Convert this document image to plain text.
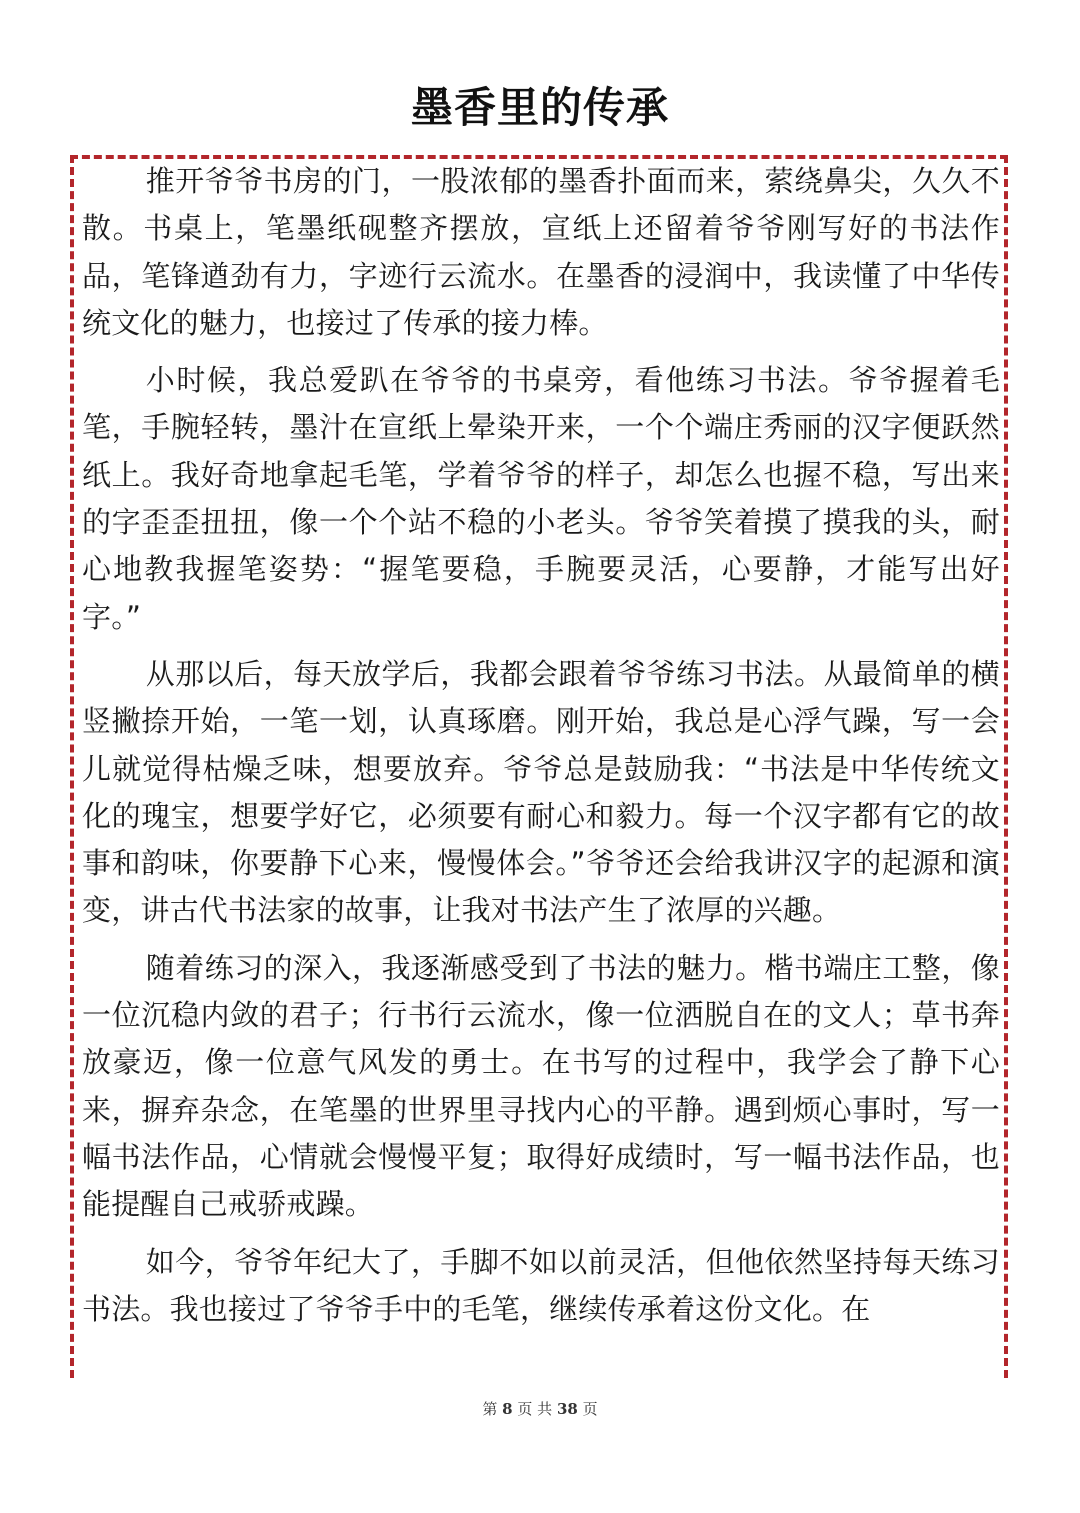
墨香里的传承

推开爷爷书房的门，一股浓郁的墨香扑面而来，萦绕鼻尖，久久不散。书桌上，笔墨纸砚整齐摆放，宣纸上还留着爷爷刚写好的书法作品，笔锋遒劲有力，字迹行云流水。在墨香的浸润中，我读懂了中华传统文化的魅力，也接过了传承的接力棒。

小时候，我总爱趴在爷爷的书桌旁，看他练习书法。爷爷握着毛笔，手腕轻转，墨汁在宣纸上晕染开来，一个个端庄秀丽的汉字便跃然纸上。我好奇地拿起毛笔，学着爷爷的样子，却怎么也握不稳，写出来的字歪歪扭扭，像一个个站不稳的小老头。爷爷笑着摸了摸我的头，耐心地教我握笔姿势：“握笔要稳，手腕要灵活，心要静，才能写出好字。”

从那以后，每天放学后，我都会跟着爷爷练习书法。从最简单的横竖撇捺开始，一笔一划，认真琢磨。刚开始，我总是心浮气躁，写一会儿就觉得枯燥乏味，想要放弃。爷爷总是鼓励我：“书法是中华传统文化的瑰宝，想要学好它，必须要有耐心和毅力。每一个汉字都有它的故事和韵味，你要静下心来，慢慢体会。”爷爷还会给我讲汉字的起源和演变，讲古代书法家的故事，让我对书法产生了浓厚的兴趣。

随着练习的深入，我逐渐感受到了书法的魅力。楷书端庄工整，像一位沉稳内敛的君子；行书行云流水，像一位洒脱自在的文人；草书奔放豪迈，像一位意气风发的勇士。在书写的过程中，我学会了静下心来，摒弃杂念，在笔墨的世界里寻找内心的平静。遇到烦心事时，写一幅书法作品，心情就会慢慢平复；取得好成绩时，写一幅书法作品，也能提醒自己戒骄戒躁。

如今，爷爷年纪大了，手脚不如以前灵活，但他依然坚持每天练习书法。我也接过了爷爷手中的毛笔，继续传承着这份文化。在

第 8 页 共 38 页
